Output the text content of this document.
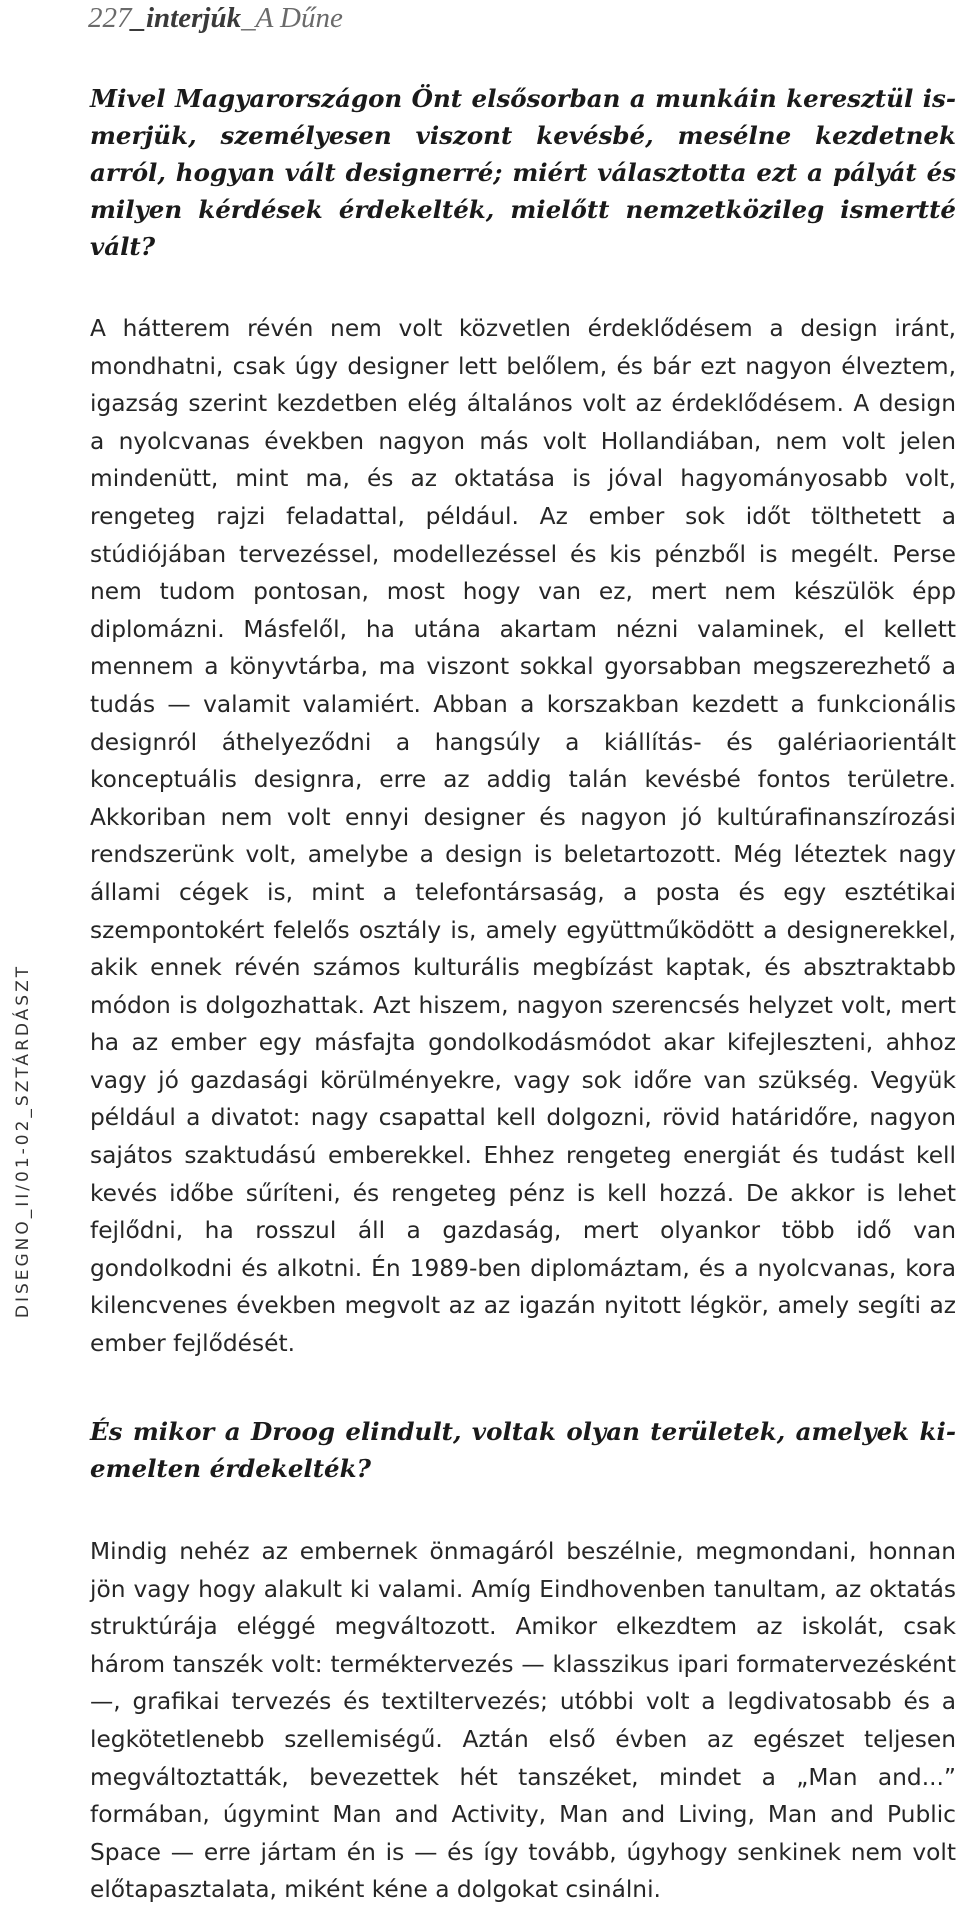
227_interjúk_A Dűne
DISEGNO_II/01-02_SZTÁRDÁSZT

Mivel Magyarországon Önt elsősorban a munkáin keresztül ismerjük, személyesen viszont kevésbé, mesélne kezdetnek arról, hogyan vált designerré; miért választotta ezt a pályát és milyen kérdések érdekelték, mielőtt nemzetközileg ismertté vált?

A hátterem révén nem volt közvetlen érdeklődésem a design iránt, mondhatni, csak úgy designer lett belőlem, és bár ezt nagyon élveztem, igazság szerint kezdetben elég általános volt az érdeklődésem. A design a nyolcvanas években nagyon más volt Hollandiában, nem volt jelen mindenütt, mint ma, és az oktatása is jóval hagyományosabb volt, rengeteg rajzi feladattal, például. Az ember sok időt tölthetett a stúdiójában tervezéssel, modellezéssel és kis pénzből is megélt. Perse nem tudom pontosan, most hogy van ez, mert nem készülök épp diplomázni. Másfelől, ha utána akartam nézni valaminek, el kellett mennem a könyvtárba, ma viszont sokkal gyorsabban megszerezhető a tudás — valamit valamiért. Abban a korszakban kezdett a funkcionális designról áthelyeződni a hangsúly a kiállítás- és galériaorientált konceptuális designra, erre az addig talán kevésbé fontos területre. Akkoriban nem volt ennyi designer és nagyon jó kultúrafinanszírozási rendszerünk volt, amelybe a design is beletartozott. Még léteztek nagy állami cégek is, mint a telefontársaság, a posta és egy esztétikai szempontokért felelős osztály is, amely együttműködött a designerekkel, akik ennek révén számos kulturális megbízást kaptak, és absztraktabb módon is dolgozhattak. Azt hiszem, nagyon szerencsés helyzet volt, mert ha az ember egy másfajta gondolkodásmódot akar kifejleszteni, ahhoz vagy jó gazdasági körülményekre, vagy sok időre van szükség. Vegyük például a divatot: nagy csapattal kell dolgozni, rövid határidőre, nagyon sajátos szaktudású emberekkel. Ehhez rengeteg energiát és tudást kell kevés időbe sűríteni, és rengeteg pénz is kell hozzá. De akkor is lehet fejlődni, ha rosszul áll a gazdaság, mert olyankor több idő van gondolkodni és alkotni. Én 1989-ben diplomáztam, és a nyolcvanas, kora kilencvenes években megvolt az az igazán nyitott légkör, amely segíti az ember fejlődését.

És mikor a Droog elindult, voltak olyan területek, amelyek kiemelten érdekelték?

Mindig nehéz az embernek önmagáról beszélnie, megmondani, honnan jön vagy hogy alakult ki valami. Amíg Eindhovenben tanultam, az oktatás struktúrája eléggé megváltozott. Amikor elkezdtem az iskolát, csak három tanszék volt: terméktervezés — klasszikus ipari formatervezésként —, grafikai tervezés és textiltervezés; utóbbi volt a legdivatosabb és a legkötetlenebb szellemiségű. Aztán első évben az egészet teljesen megváltoztatták, bevezettek hét tanszéket, mindet a „Man and...” formában, úgymint Man and Activity, Man and Living, Man and Public Space — erre jártam én is — és így tovább, úgyhogy senkinek nem volt előtapasztalata, miként kéne a dolgokat csinálni.
